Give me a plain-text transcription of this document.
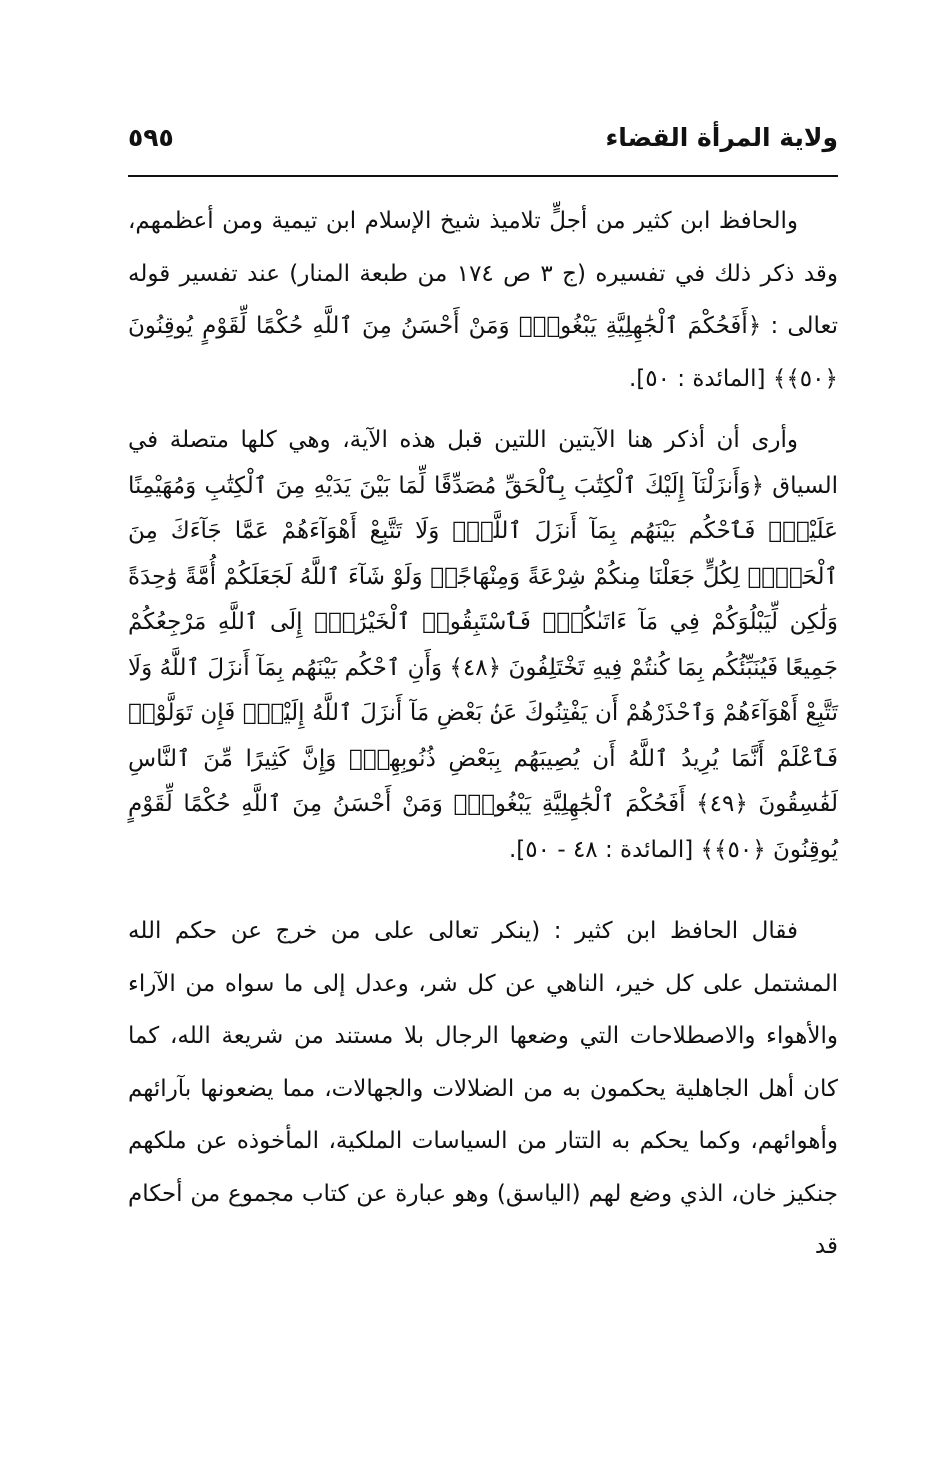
ولاية المرأة القضاء
٥٩٥

والحافظ ابن كثير من أجلٍّ تلاميذ شيخ الإسلام ابن تيمية ومن أعظمهم، وقد ذكر ذلك في تفسيره (ج ٣ ص ١٧٤ من طبعة المنار) عند تفسير قوله تعالى : ﴿أَفَحُكْمَ ٱلْجَٰهِلِيَّةِ يَبْغُونَۚ وَمَنْ أَحْسَنُ مِنَ ٱللَّهِ حُكْمًا لِّقَوْمٍ يُوقِنُونَ ﴿٥٠﴾﴾ [المائدة : ٥٠].

وأرى أن أذكر هنا الآيتين اللتين قبل هذه الآية، وهي كلها متصلة في السياق ﴿وَأَنزَلْنَآ إِلَيْكَ ٱلْكِتَٰبَ بِٱلْحَقِّ مُصَدِّقًا لِّمَا بَيْنَ يَدَيْهِ مِنَ ٱلْكِتَٰبِ وَمُهَيْمِنًا عَلَيْهِۖ فَٱحْكُم بَيْنَهُم بِمَآ أَنزَلَ ٱللَّهُۖ وَلَا تَتَّبِعْ أَهْوَآءَهُمْ عَمَّا جَآءَكَ مِنَ ٱلْحَقِّۚ لِكُلٍّ جَعَلْنَا مِنكُمْ شِرْعَةً وَمِنْهَاجًاۚ وَلَوْ شَآءَ ٱللَّهُ لَجَعَلَكُمْ أُمَّةً وَٰحِدَةً وَلَٰكِن لِّيَبْلُوَكُمْ فِي مَآ ءَاتَىٰكُمْۖ فَٱسْتَبِقُوا۟ ٱلْخَيْرَٰتِۚ إِلَى ٱللَّهِ مَرْجِعُكُمْ جَمِيعًا فَيُنَبِّئُكُم بِمَا كُنتُمْ فِيهِ تَخْتَلِفُونَ ﴿٤٨﴾ وَأَنِ ٱحْكُم بَيْنَهُم بِمَآ أَنزَلَ ٱللَّهُ وَلَا تَتَّبِعْ أَهْوَآءَهُمْ وَٱحْذَرْهُمْ أَن يَفْتِنُوكَ عَنۢ بَعْضِ مَآ أَنزَلَ ٱللَّهُ إِلَيْكَۖ فَإِن تَوَلَّوْا۟ فَٱعْلَمْ أَنَّمَا يُرِيدُ ٱللَّهُ أَن يُصِيبَهُم بِبَعْضِ ذُنُوبِهِمْۗ وَإِنَّ كَثِيرًا مِّنَ ٱلنَّاسِ لَفَٰسِقُونَ ﴿٤٩﴾ أَفَحُكْمَ ٱلْجَٰهِلِيَّةِ يَبْغُونَۚ وَمَنْ أَحْسَنُ مِنَ ٱللَّهِ حُكْمًا لِّقَوْمٍ يُوقِنُونَ ﴿٥٠﴾﴾ [المائدة : ٤٨ - ٥٠].

فقال الحافظ ابن كثير : (ينكر تعالى على من خرج عن حكم الله المشتمل على كل خير، الناهي عن كل شر، وعدل إلى ما سواه من الآراء والأهواء والاصطلاحات التي وضعها الرجال بلا مستند من شريعة الله، كما كان أهل الجاهلية يحكمون به من الضلالات والجهالات، مما يضعونها بآرائهم وأهوائهم، وكما يحكم به التتار من السياسات الملكية، المأخوذه عن ملكهم جنكيز خان، الذي وضع لهم (الياسق) وهو عبارة عن كتاب مجموع من أحكام قد
